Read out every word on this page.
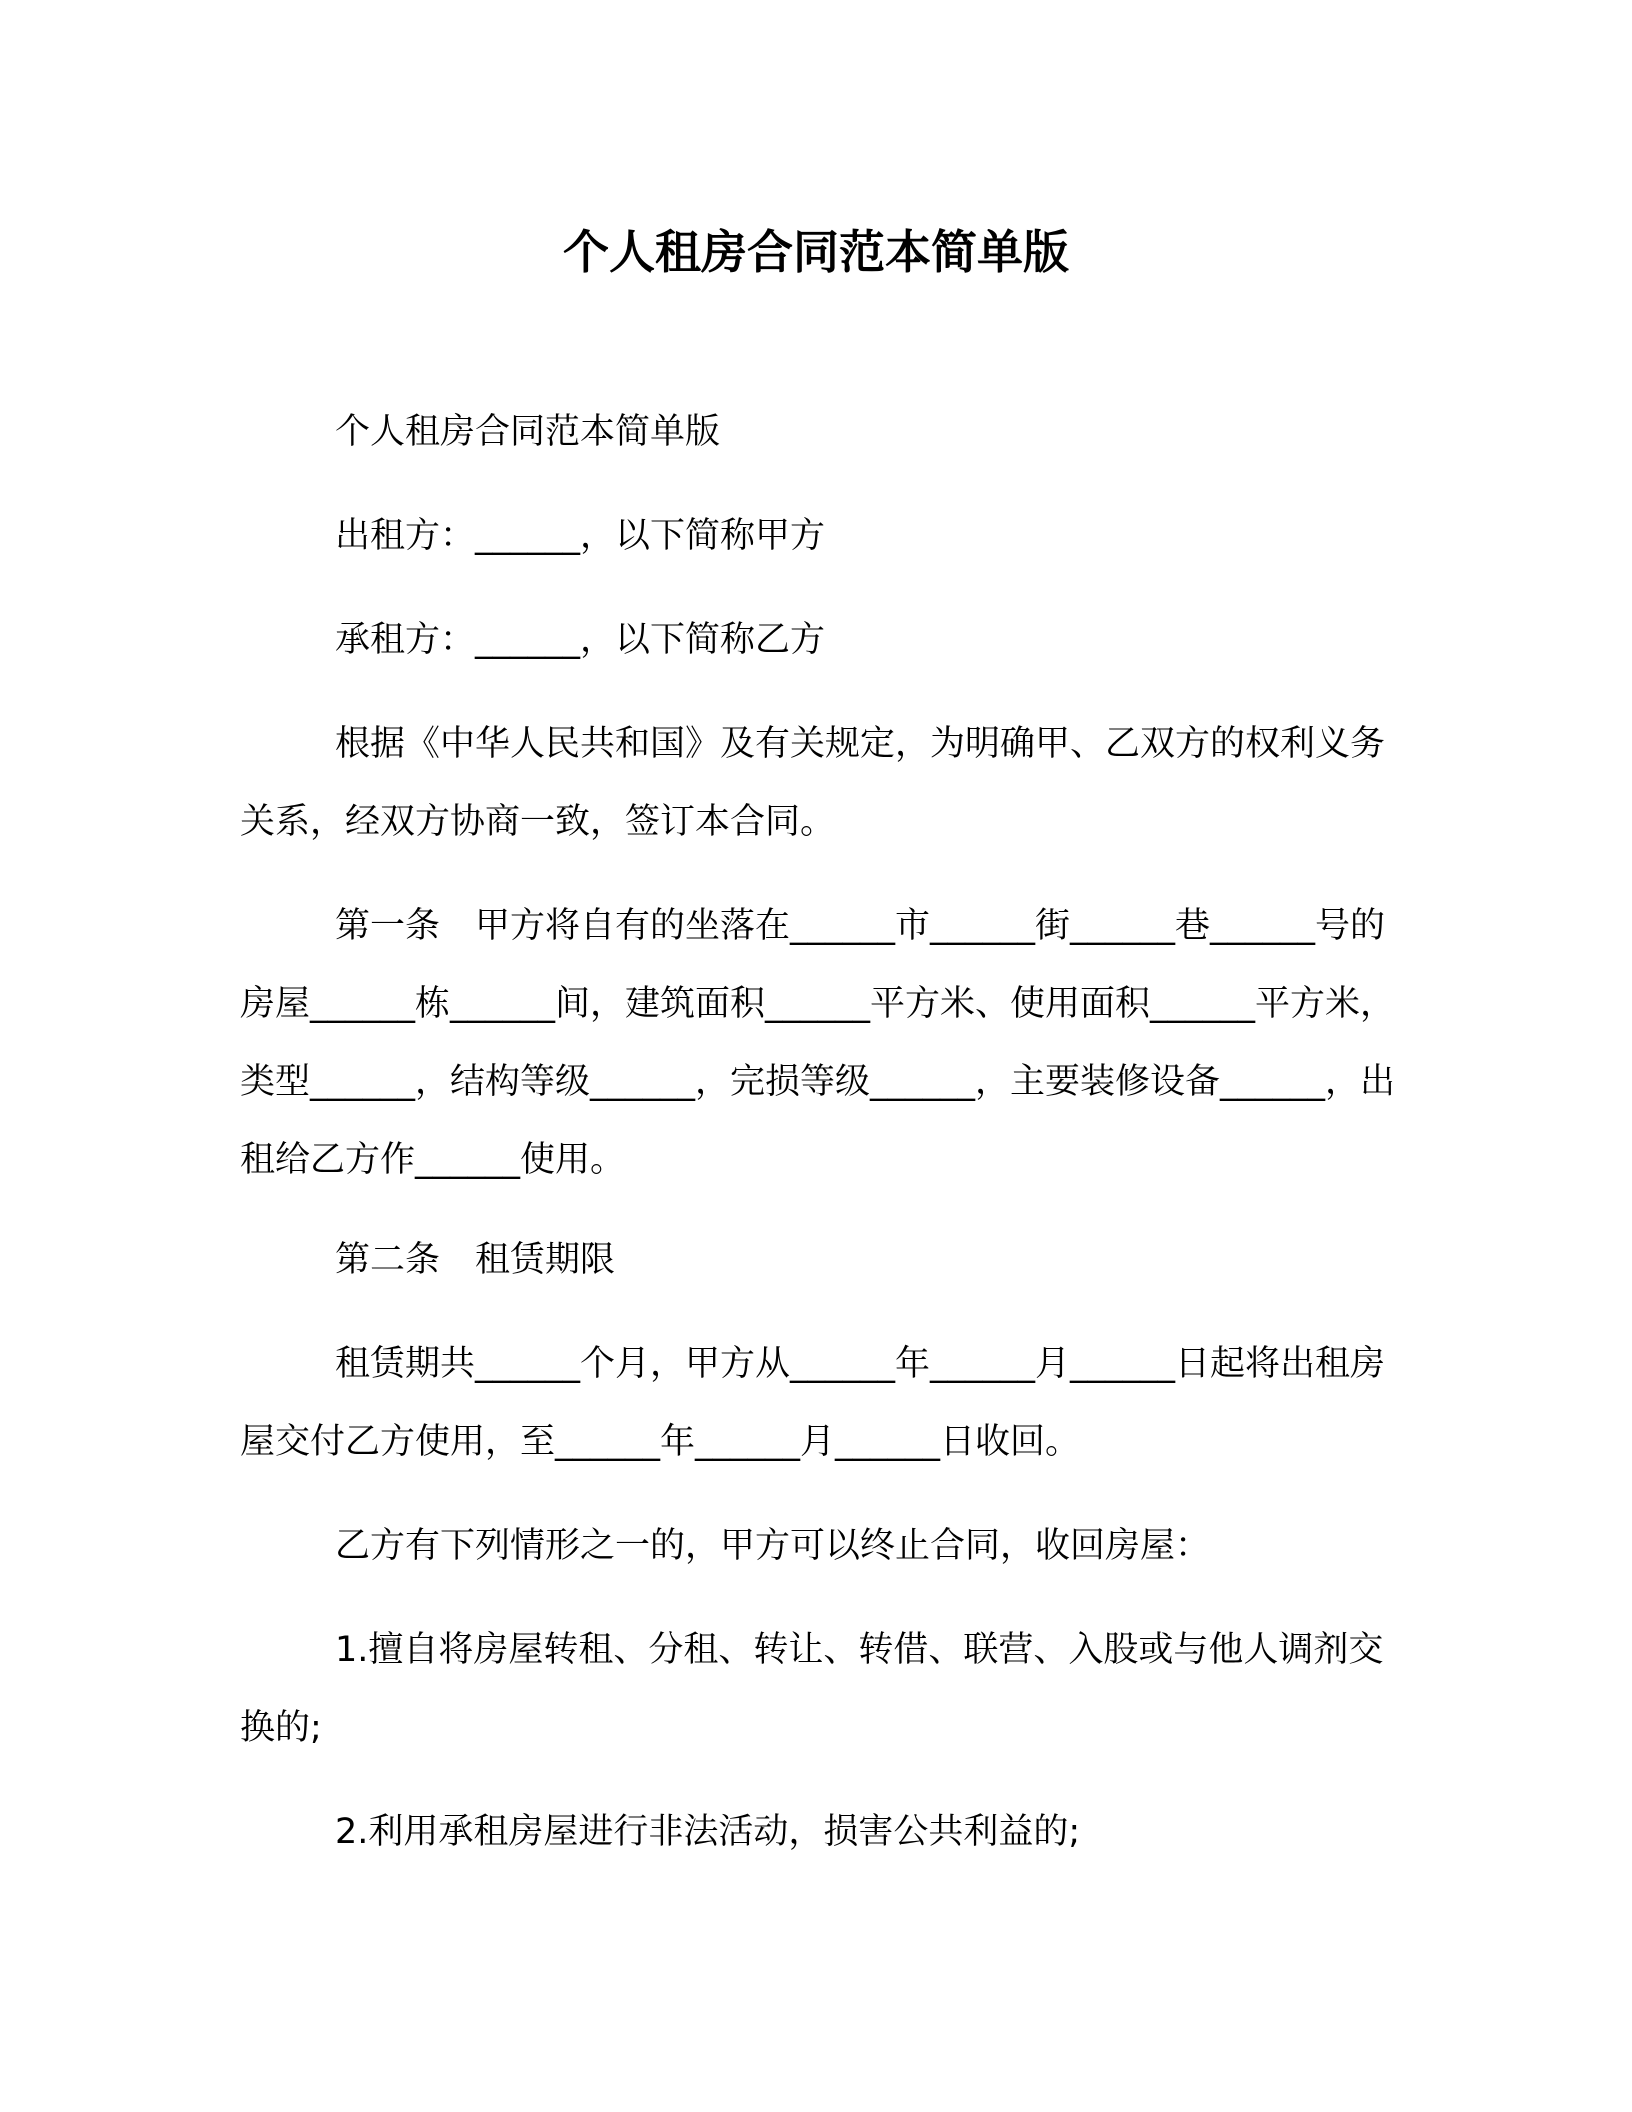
个人租房合同范本简单版

个人租房合同范本简单版

出租方：______，以下简称甲方

承租方：______，以下简称乙方

根据《中华人民共和国》及有关规定，为明确甲、乙双方的权利义务关系，经双方协商一致，签订本合同。

第一条　甲方将自有的坐落在______市______街______巷______号的房屋______栋______间，建筑面积______平方米、使用面积______平方米，类型______，结构等级______，完损等级______，主要装修设备______，出租给乙方作______使用。

第二条　租赁期限

租赁期共______个月，甲方从______年______月______日起将出租房屋交付乙方使用，至______年______月______日收回。

乙方有下列情形之一的，甲方可以终止合同，收回房屋：

1.擅自将房屋转租、分租、转让、转借、联营、入股或与他人调剂交换的;

2.利用承租房屋进行非法活动，损害公共利益的;
